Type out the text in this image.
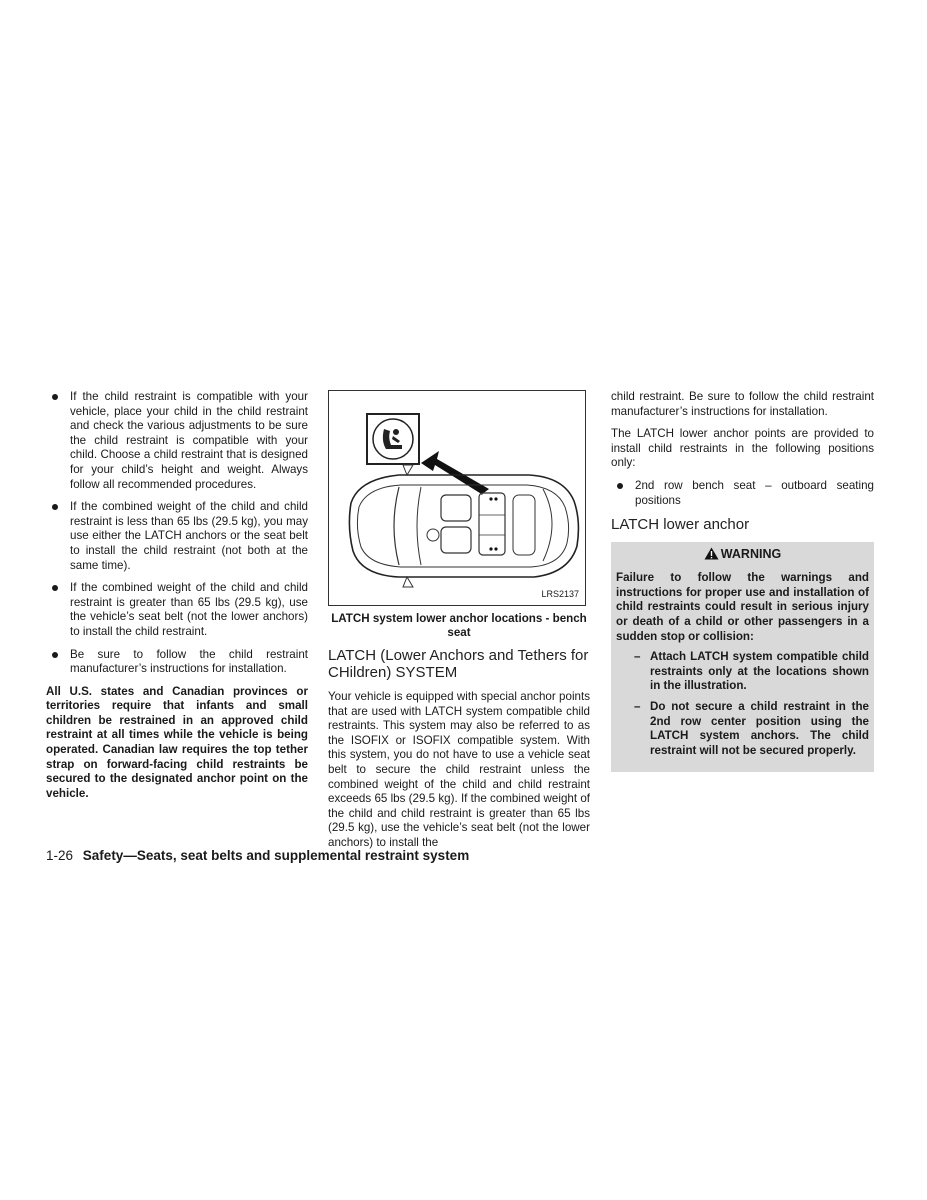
If the child restraint is compatible with your vehicle, place your child in the child restraint and check the various adjustments to be sure the child restraint is compatible with your child. Choose a child restraint that is designed for your child’s height and weight. Always follow all recommended procedures.
If the combined weight of the child and child restraint is less than 65 lbs (29.5 kg), you may use either the LATCH anchors or the seat belt to install the child restraint (not both at the same time).
If the combined weight of the child and child restraint is greater than 65 lbs (29.5 kg), use the vehicle’s seat belt (not the lower anchors) to install the child restraint.
Be sure to follow the child restraint manufacturer’s instructions for installation.

All U.S. states and Canadian provinces or territories require that infants and small children be restrained in an approved child restraint at all times while the vehicle is being operated. Canadian law requires the top tether strap on forward-facing child restraints be secured to the designated anchor point on the vehicle.

LRS2137

LATCH system lower anchor locations - bench seat

LATCH (Lower Anchors and Tethers for CHildren) SYSTEM

Your vehicle is equipped with special anchor points that are used with LATCH system compatible child restraints. This system may also be referred to as the ISOFIX or ISOFIX compatible system. With this system, you do not have to use a vehicle seat belt to secure the child restraint unless the combined weight of the child and child restraint exceeds 65 lbs (29.5 kg). If the combined weight of the child and child restraint is greater than 65 lbs (29.5 kg), use the vehicle’s seat belt (not the lower anchors) to install the

child restraint. Be sure to follow the child restraint manufacturer’s instructions for installation.

The LATCH lower anchor points are provided to install child restraints in the following positions only:

2nd row bench seat – outboard seating positions
LATCH lower anchor
WARNING

Failure to follow the warnings and instructions for proper use and installation of child restraints could result in serious injury or death of a child or other passengers in a sudden stop or collision:

– Attach LATCH system compatible child restraints only at the locations shown in the illustration.
– Do not secure a child restraint in the 2nd row center position using the LATCH system anchors. The child restraint will not be secured properly.
1-26 Safety—Seats, seat belts and supplemental restraint system
